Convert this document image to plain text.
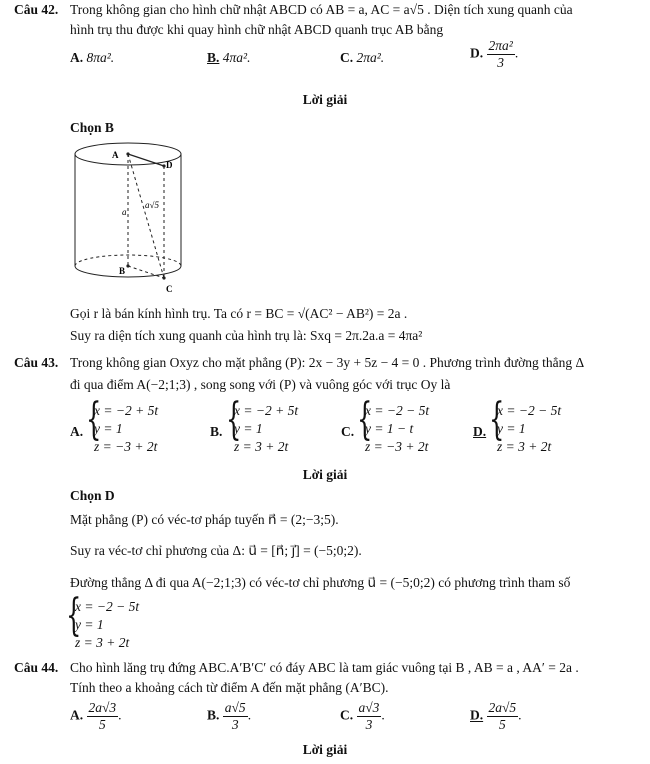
Câu 42. Trong không gian cho hình chữ nhật ABCD có AB = a, AC = a√5 . Diện tích xung quanh của
hình trụ thu được khi quay hình chữ nhật ABCD quanh trục AB bằng
A. 8πa².	B. 4πa².	C. 2πa².	D. $\frac{\text{2πa²}}{3}$ .
Lời giải
Chọn B
A
D
B
C
a
a√5
Gọi r là bán kính hình trụ. Ta có r = BC = √(AC² − AB²) = 2a .
Suy ra diện tích xung quanh của hình trụ là: Sxq = 2π.2a.a = 4πa²
Câu 43. Trong không gian Oxyz cho mặt phẳng (P): 2x − 3y + 5z − 4 = 0 . Phương trình đường thẳng Δ
đi qua điểm A(−2;1;3) , song song với (P) và vuông góc với trục Oy là
A. {
x = −2 + 5t
y = 1
z = −3 + 2t
B. {
x = −2 + 5t
y = 1
z = 3 + 2t
C. {
x = −2 − 5t
y = 1 − t
z = −3 + 2t
D. {
x = −2 − 5t
y = 1
z = 3 + 2t
Lời giải
Chọn D
Mặt phẳng (P) có véc-tơ pháp tuyến n⃗ = (2;−3;5).
Suy ra véc-tơ chỉ phương của Δ: u⃗ = [n⃗; j⃗] = (−5;0;2).
Đường thẳng Δ đi qua A(−2;1;3) có véc-tơ chỉ phương u⃗ = (−5;0;2) có phương trình tham số
{
x = −2 − 5t
y = 1
z = 3 + 2t
Câu 44. Cho hình lăng trụ đứng ABC.A′B′C′ có đáy ABC là tam giác vuông tại B , AB = a , AA′ = 2a .
Tính theo a khoảng cách từ điểm A đến mặt phẳng (A′BC).
A. $\frac{2a√3}{5}$ .	B. $\frac{a√5}{3}$ .	C. $\frac{a√3}{3}$ .	D. $\frac{2a√5}{5}$ .
Lời giải
